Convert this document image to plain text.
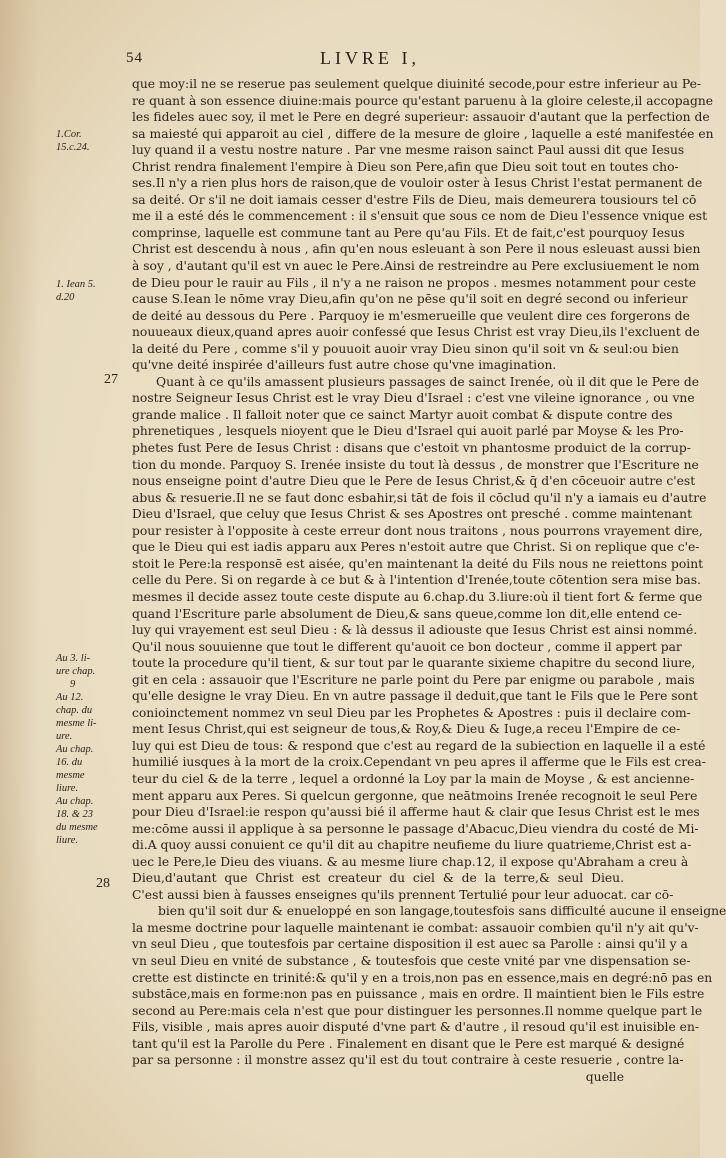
54	LIVRE I,
1.Cor.
15.c.24.
1. Iean 5.
d.20
Au 3. li-
ure chap.
9
Au 12.
chap. du
mesme li-
ure.
Au chap.
16. du
mesme
liure.
Au chap.
18. & 23
du mesme
liure.
27
28
que moy:il ne se reserue pas seulement quelque diuinité secode,pour estre inferieur au Pe-
re quant à son essence diuine:mais pource qu'estant paruenu à la gloire celeste,il accopagne
les fideles auec soy, il met le Pere en degré superieur: assauoir d'autant que la perfection de
sa maiesté qui apparoit au ciel , differe de la mesure de gloire , laquelle a esté manifestée en
luy quand il a vestu nostre nature . Par vne mesme raison sainct Paul aussi dit que Iesus
Christ rendra finalement l'empire à Dieu son Pere,afin que Dieu soit tout en toutes cho-
ses.Il n'y a rien plus hors de raison,que de vouloir oster à Iesus Christ l'estat permanent de
sa deité. Or s'il ne doit iamais cesser d'estre Fils de Dieu, mais demeurera tousiours tel cō
me il a esté dés le commencement : il s'ensuit que sous ce nom de Dieu l'essence vnique est
comprinse, laquelle est commune tant au Pere qu'au Fils. Et de fait,c'est pourquoy Iesus
Christ est descendu à nous , afin qu'en nous esleuant à son Pere il nous esleuast aussi bien
à soy , d'autant qu'il est vn auec le Pere.Ainsi de restreindre au Pere exclusiuement le nom
de Dieu pour le rauir au Fils , il n'y a ne raison ne propos . mesmes notamment pour ceste
cause S.Iean le nōme vray Dieu,afin qu'on ne pēse qu'il soit en degré second ou inferieur
de deité au dessous du Pere . Parquoy ie m'esmerueille que veulent dire ces forgerons de
nouueaux dieux,quand apres auoir confessé que Iesus Christ est vray Dieu,ils l'excluent de
la deité du Pere , comme s'il y pouuoit auoir vray Dieu sinon qu'il soit vn & seul:ou bien
qu'vne deité inspirée d'ailleurs fust autre chose qu'vne imagination.
Quant à ce qu'ils amassent plusieurs passages de sainct Irenée, où il dit que le Pere de
nostre Seigneur Iesus Christ est le vray Dieu d'Israel : c'est vne vileine ignorance , ou vne
grande malice . Il falloit noter que ce sainct Martyr auoit combat & dispute contre des
phrenetiques , lesquels nioyent que le Dieu d'Israel qui auoit parlé par Moyse & les Pro-
phetes fust Pere de Iesus Christ : disans que c'estoit vn phantosme produict de la corrup-
tion du monde. Parquoy S. Irenée insiste du tout là dessus , de monstrer que l'Escriture ne
nous enseigne point d'autre Dieu que le Pere de Iesus Christ,& q̄ d'en cōceuoir autre c'est
abus & resuerie.Il ne se faut donc esbahir,si tāt de fois il cōclud qu'il n'y a iamais eu d'autre
Dieu d'Israel, que celuy que Iesus Christ & ses Apostres ont presché . comme maintenant
pour resister à l'opposite à ceste erreur dont nous traitons , nous pourrons vrayement dire,
que le Dieu qui est iadis apparu aux Peres n'estoit autre que Christ. Si on replique que c'e-
stoit le Pere:la responsē est aisée, qu'en maintenant la deité du Fils nous ne reiettons point
celle du Pere. Si on regarde à ce but & à l'intention d'Irenée,toute cōtention sera mise bas.
mesmes il decide assez toute ceste dispute au 6.chap.du 3.liure:où il tient fort & ferme que
quand l'Escriture parle absolument de Dieu,& sans queue,comme lon dit,elle entend ce-
luy qui vrayement est seul Dieu : & là dessus il adiouste que Iesus Christ est ainsi nommé.
Qu'il nous souuienne que tout le different qu'auoit ce bon docteur , comme il appert par
toute la procedure qu'il tient, & sur tout par le quarante sixieme chapitre du second liure,
git en cela : assauoir que l'Escriture ne parle point du Pere par enigme ou parabole , mais
qu'elle designe le vray Dieu. En vn autre passage il deduit,que tant le Fils que le Pere sont
conioinctement nommez vn seul Dieu par les Prophetes & Apostres : puis il declaire com-
ment Iesus Christ,qui est seigneur de tous,& Roy,& Dieu & Iuge,a receu l'Empire de ce-
luy qui est Dieu de tous: & respond que c'est au regard de la subiection en laquelle il a esté
humilié iusques à la mort de la croix.Cependant vn peu apres il afferme que le Fils est crea-
teur du ciel & de la terre , lequel a ordonné la Loy par la main de Moyse , & est ancienne-
ment apparu aux Peres. Si quelcun gergonne, que neātmoins Irenée recognoit le seul Pere
pour Dieu d'Israel:ie respon qu'aussi bié il afferme haut & clair que Iesus Christ est le mes
me:cōme aussi il applique à sa personne le passage d'Abacuc,Dieu viendra du costé de Mi-
di.A quoy aussi conuient ce qu'il dit au chapitre neufieme du liure quatrieme,Christ est a-
uec le Pere,le Dieu des viuans. & au mesme liure chap.12, il expose qu'Abraham a creu à
Dieu,d'autant que Christ est createur du ciel & de la terre,& seul Dieu.
C'est aussi bien à fausses enseignes qu'ils prennent Tertulié pour leur aduocat. car cō-
bien qu'il soit dur & enueloppé en son langage,toutesfois sans difficulté aucune il enseigne
la mesme doctrine pour laquelle maintenant ie combat: assauoir combien qu'il n'y ait qu'v-
vn seul Dieu , que toutesfois par certaine disposition il est auec sa Parolle : ainsi qu'il y a
vn seul Dieu en vnité de substance , & toutesfois que ceste vnité par vne dispensation se-
crette est distincte en trinité:& qu'il y en a trois,non pas en essence,mais en degré:nō pas en
substāce,mais en forme:non pas en puissance , mais en ordre. Il maintient bien le Fils estre
second au Pere:mais cela n'est que pour distinguer les personnes.Il nomme quelque part le
Fils, visible , mais apres auoir disputé d'vne part & d'autre , il resoud qu'il est inuisible en-
tant qu'il est la Parolle du Pere . Finalement en disant que le Pere est marqué & designé
par sa personne : il monstre assez qu'il est du tout contraire à ceste resuerie , contre la-
quelle
